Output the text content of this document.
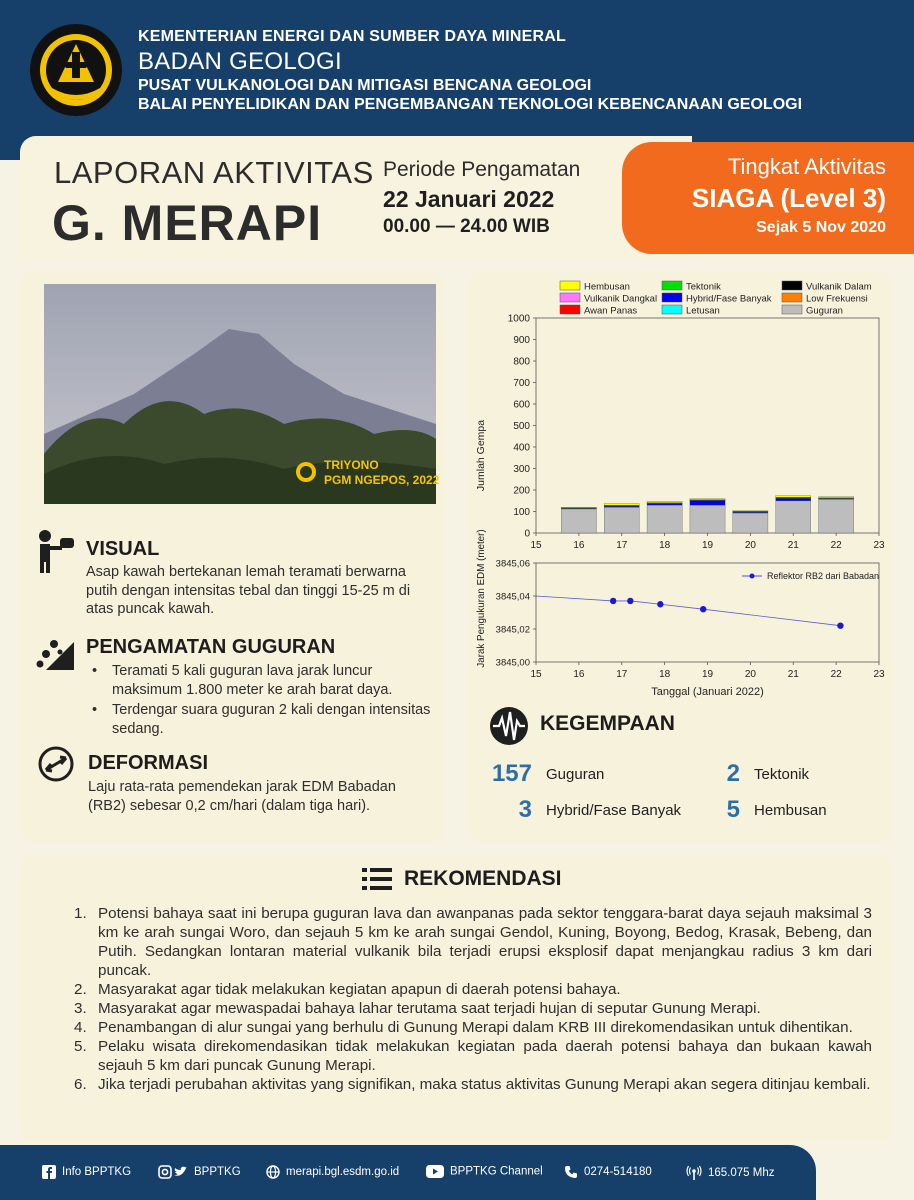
KEMENTERIAN ENERGI DAN SUMBER DAYA MINERAL
BADAN GEOLOGI
PUSAT VULKANOLOGI DAN MITIGASI BENCANA GEOLOGI
BALAI PENYELIDIKAN DAN PENGEMBANGAN TEKNOLOGI KEBENCANAAN GEOLOGI
LAPORAN AKTIVITAS
G. MERAPI
Periode Pengamatan
22 Januari 2022
00.00 — 24.00 WIB
Tingkat Aktivitas
SIAGA (Level 3)
Sejak 5 Nov 2020
TRIYONO
PGM NGEPOS, 2022
VISUAL
Asap kawah bertekanan lemah teramati berwarna putih dengan intensitas tebal dan tinggi 15-25 m di atas puncak kawah.
PENGAMATAN GUGURAN
• Teramati 5 kali guguran lava jarak luncur maksimum 1.800 meter ke arah barat daya.
• Terdengar suara guguran 2 kali dengan intensitas sedang.
DEFORMASI
Laju rata-rata pemendekan jarak EDM Babadan (RB2) sebesar 0,2 cm/hari (dalam tiga hari).
Hembusan	Tektonik	Vulkanik Dalam
Vulkanik Dangkal	Hybrid/Fase Banyak	Low Frekuensi
Awan Panas	Letusan	Guguran
0
100
200
300
400
500
600
700
800
900
1000
15	16	17	18	19	20	21	22	23
Jumlah Gempa
3845,00
3845,02
3845,04
3845,06
15	16	17	18	19	20	21	22	23
Tanggal (Januari 2022)
Jarak Pengukuran EDM (meter)	Reflektor RB2 dari Babadan
KEGEMPAAN
157 Guguran	2 Tektonik
3 Hybrid/Fase Banyak	5 Hembusan
REKOMENDASI
1. Potensi bahaya saat ini berupa guguran lava dan awanpanas pada sektor tenggara-barat daya sejauh maksimal 3 km ke arah sungai Woro, dan sejauh 5 km ke arah sungai Gendol, Kuning, Boyong, Bedog, Krasak, Bebeng, dan Putih. Sedangkan lontaran material vulkanik bila terjadi erupsi eksplosif dapat menjangkau radius 3 km dari puncak.
2. Masyarakat agar tidak melakukan kegiatan apapun di daerah potensi bahaya.
3. Masyarakat agar mewaspadai bahaya lahar terutama saat terjadi hujan di seputar Gunung Merapi.
4. Penambangan di alur sungai yang berhulu di Gunung Merapi dalam KRB III direkomendasikan untuk dihentikan.
5. Pelaku wisata direkomendasikan tidak melakukan kegiatan pada daerah potensi bahaya dan bukaan kawah sejauh 5 km dari puncak Gunung Merapi.
6. Jika terjadi perubahan aktivitas yang signifikan, maka status aktivitas Gunung Merapi akan segera ditinjau kembali.
Info BPPTKG	BPPTKG	merapi.bgl.esdm.go.id	BPPTKG Channel	0274-514180	165.075 Mhz
